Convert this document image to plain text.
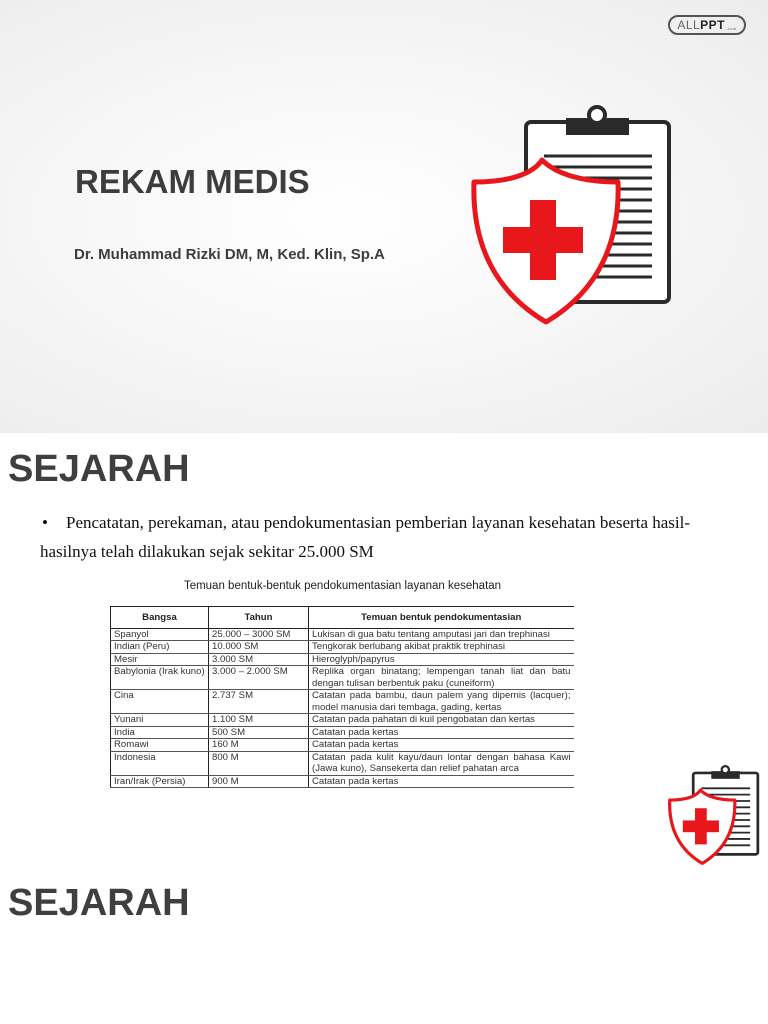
ALL PPT .com
REKAM MEDIS
Dr. Muhammad Rizki DM, M, Ked. Klin, Sp.A
SEJARAH
• Pencatatan, perekaman, atau pendokumentasian pemberian layanan kesehatan beserta hasil-hasilnya telah dilakukan sejak sekitar 25.000 SM
Temuan bentuk-bentuk pendokumentasian layanan kesehatan
Bangsa	Tahun	Temuan bentuk pendokumentasian
Spanyol	25.000 – 3000 SM	Lukisan di gua batu tentang amputasi jari dan trephinasi
Indian (Peru)	10.000 SM	Tengkorak berlubang akibat praktik trephinasi
Mesir	3.000 SM	Hieroglyph/papyrus
Babylonia (Irak kuno)	3.000 – 2.000 SM	Replika organ binatang; lempengan tanah liat dan batu dengan tulisan berbentuk paku (cuneiform)
Cina	2.737 SM	Catatan pada bambu, daun palem yang dipernis (lacquer); model manusia dari tembaga, gading, kertas
Yunani	1.100 SM	Catatan pada pahatan di kuil pengobatan dan kertas
India	500 SM	Catatan pada kertas
Romawi	160 M	Catatan pada kertas
Indonesia	800 M	Catatan pada kulit kayu/daun lontar dengan bahasa Kawi (Jawa kuno), Sansekerta dan relief pahatan arca
Iran/Irak (Persia)	900 M	Catatan pada kertas
SEJARAH
